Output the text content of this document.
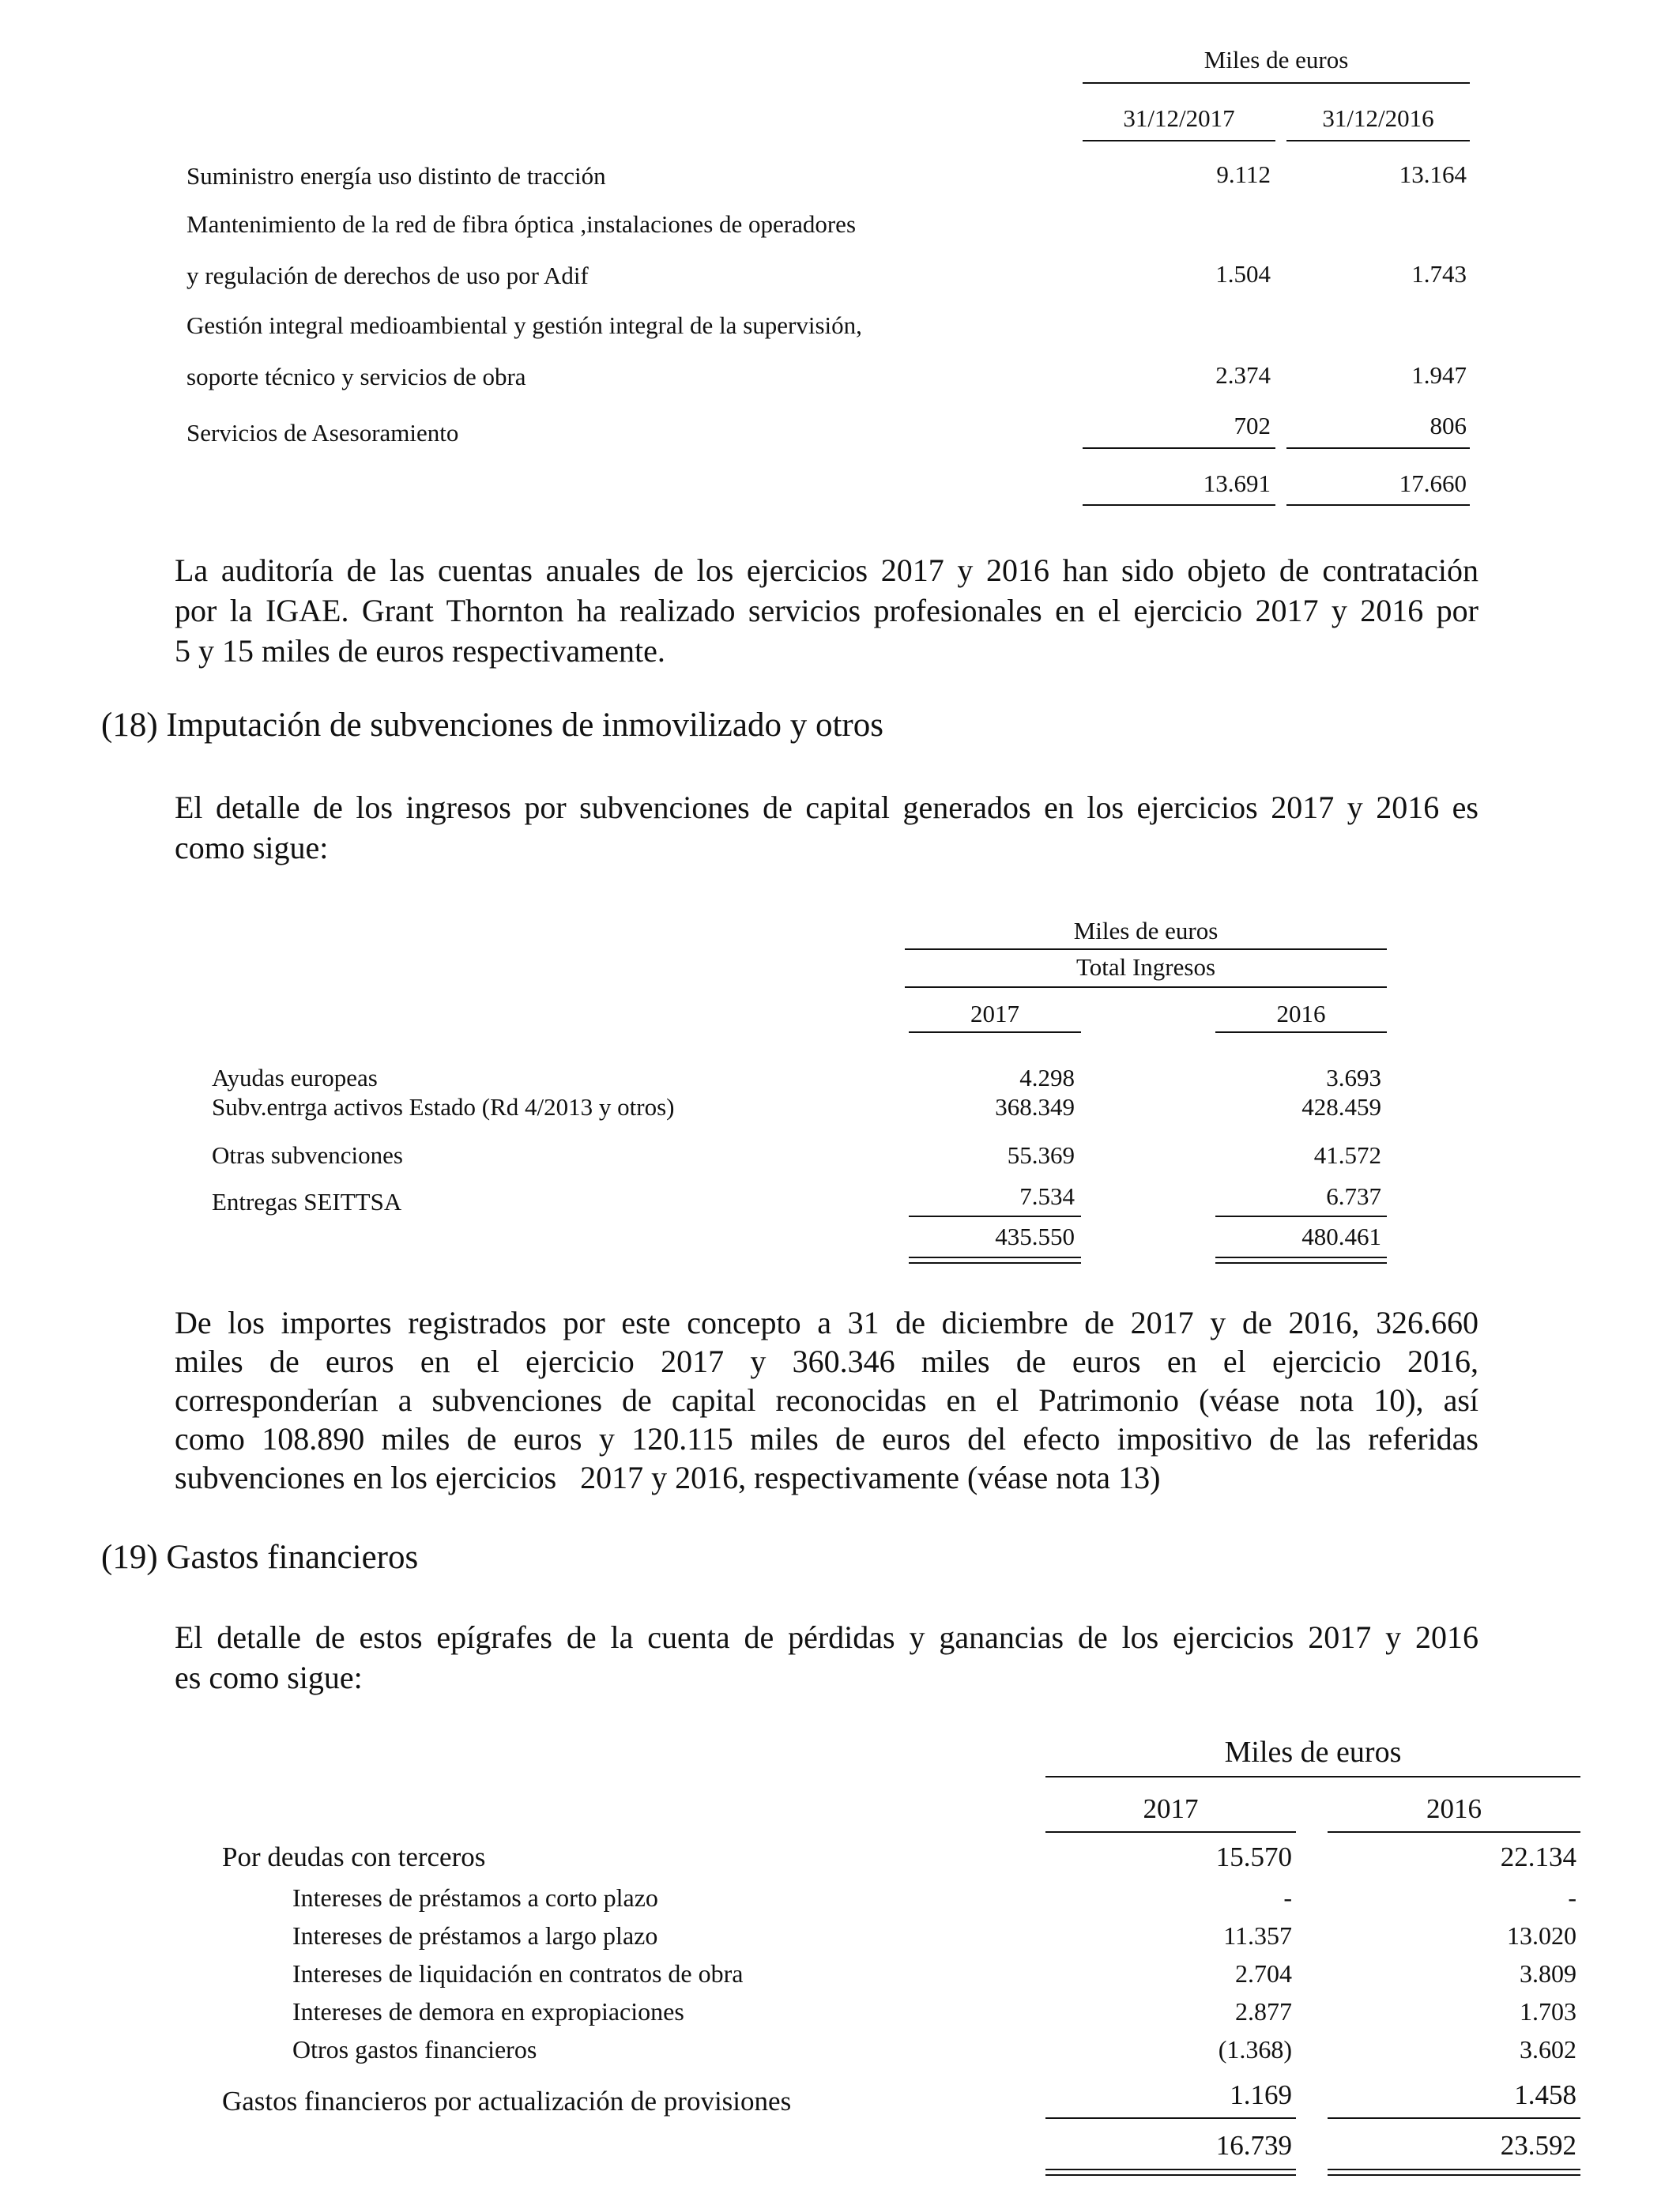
Miles de euros
31/12/2017	31/12/2016
Suministro energía uso distinto de tracción	9.112	13.164
Mantenimiento de la red de fibra óptica ,instalaciones de operadores
y regulación de derechos de uso por Adif	1.504	1.743
Gestión integral medioambiental y gestión integral de la supervisión,
soporte técnico y servicios de obra	2.374	1.947
Servicios de Asesoramiento	702	806
13.691	17.660
La auditoría de las cuentas anuales de los ejercicios 2017 y 2016 han sido objeto de contratación
por la IGAE. Grant Thornton ha realizado servicios profesionales en el ejercicio 2017 y 2016 por
5 y 15 miles de euros respectivamente.
(18) Imputación de subvenciones de inmovilizado y otros
El detalle de los ingresos por subvenciones de capital generados en los ejercicios 2017 y 2016 es
como sigue:
Miles de euros
Total Ingresos
2017	2016
Ayudas europeas	4.298	3.693
Subv.entrga activos Estado (Rd 4/2013 y otros)	368.349	428.459
Otras subvenciones	55.369	41.572
Entregas SEITTSA	7.534	6.737
435.550	480.461
De los importes registrados por este concepto a 31 de diciembre de 2017 y de 2016, 326.660
miles de euros en el ejercicio 2017 y 360.346 miles de euros en el ejercicio 2016,
corresponderían a subvenciones de capital reconocidas en el Patrimonio (véase nota 10), así
como 108.890 miles de euros y 120.115 miles de euros del efecto impositivo de las referidas
subvenciones en los ejercicios   2017 y 2016, respectivamente (véase nota 13)
(19) Gastos financieros
El detalle de estos epígrafes de la cuenta de pérdidas y ganancias de los ejercicios 2017 y 2016
es como sigue:
Miles de euros
2017	2016
Por deudas con terceros	15.570	22.134
Intereses de préstamos a corto plazo	-	-
Intereses de préstamos a largo plazo	11.357	13.020
Intereses de liquidación en contratos de obra	2.704	3.809
Intereses de demora en expropiaciones	2.877	1.703
Otros gastos financieros	(1.368)	3.602
Gastos financieros por actualización de provisiones	1.169	1.458
16.739	23.592
